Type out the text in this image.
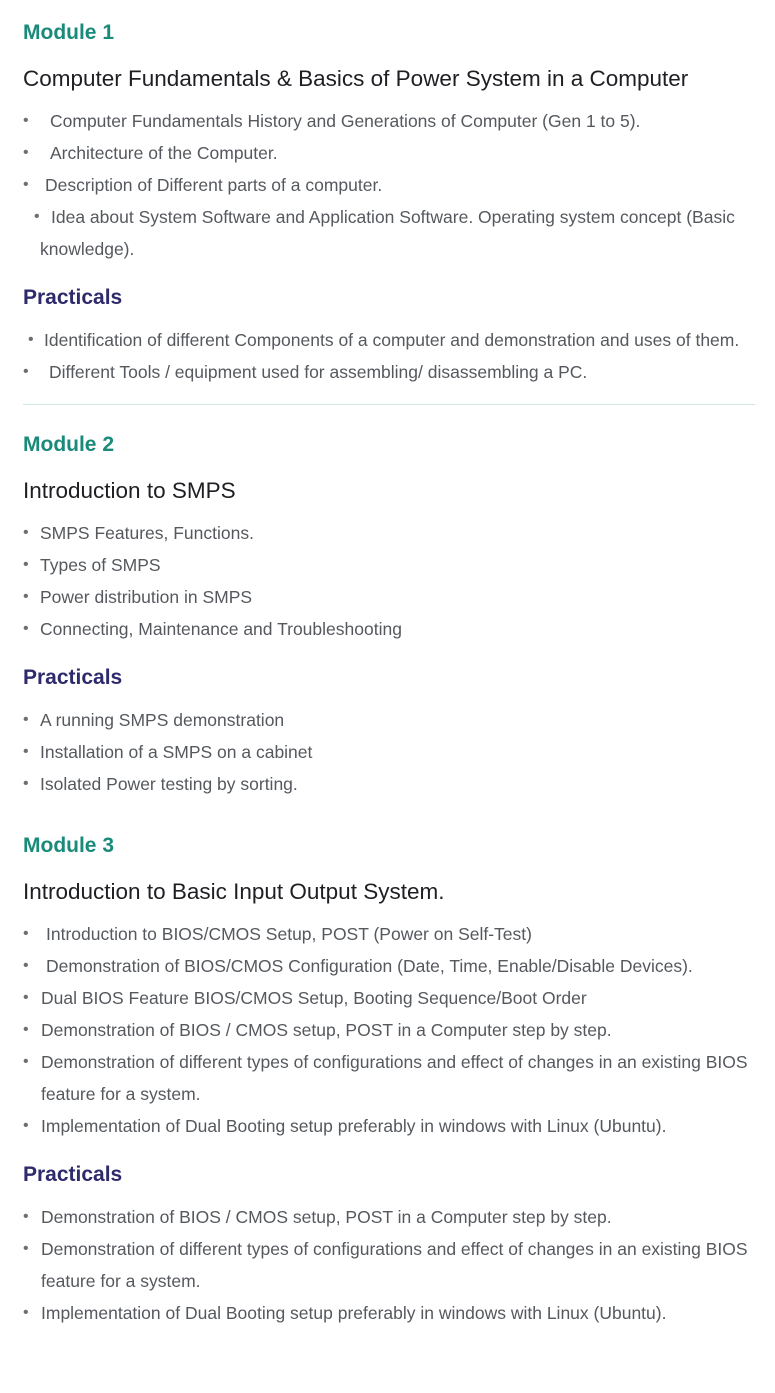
Module 1
Computer Fundamentals & Basics of Power System in a Computer
• Computer Fundamentals History and Generations of Computer (Gen 1 to 5).
• Architecture of the Computer.
• Description of Different parts of a computer.
• Idea about System Software and Application Software. Operating system concept (Basic knowledge).
Practicals
• Identification of different Components of a computer and demonstration and uses of them.
• Different Tools / equipment used for assembling/ disassembling a PC.
Module 2
Introduction to SMPS
• SMPS Features, Functions.
• Types of SMPS
• Power distribution in SMPS
• Connecting, Maintenance and Troubleshooting
Practicals
• A running SMPS demonstration
• Installation of a SMPS on a cabinet
• Isolated Power testing by sorting.
Module 3
Introduction to Basic Input Output System.
• Introduction to BIOS/CMOS Setup, POST (Power on Self-Test)
• Demonstration of BIOS/CMOS Configuration (Date, Time, Enable/Disable Devices).
• Dual BIOS Feature BIOS/CMOS Setup, Booting Sequence/Boot Order
• Demonstration of BIOS / CMOS setup, POST in a Computer step by step.
• Demonstration of different types of configurations and effect of changes in an existing BIOS feature for a system.
• Implementation of Dual Booting setup preferably in windows with Linux (Ubuntu).
Practicals
• Demonstration of BIOS / CMOS setup, POST in a Computer step by step.
• Demonstration of different types of configurations and effect of changes in an existing BIOS feature for a system.
• Implementation of Dual Booting setup preferably in windows with Linux (Ubuntu).
